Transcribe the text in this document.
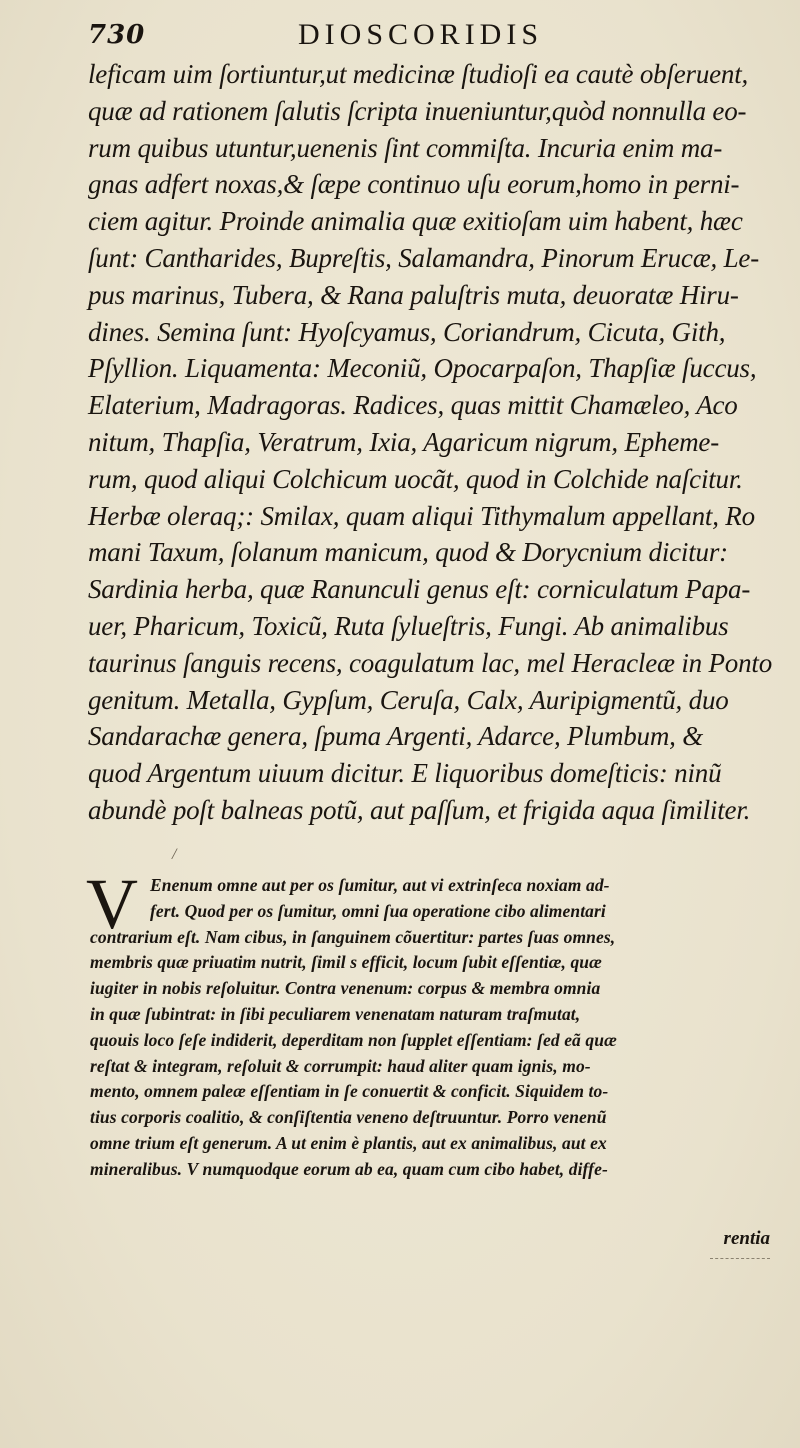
730	DIOSCORIDIS
leficam uim ſortiuntur,ut medicinæ ſtudioſi ea cautè obſeruent,
quæ ad rationem ſalutis ſcripta inueniuntur,quòd nonnulla eo-
rum quibus utuntur,uenenis ſint commiſta. Incuria enim ma-
gnas adfert noxas,& ſæpe continuo uſu eorum,homo in perni-
ciem agitur. Proinde animalia quæ exitioſam uim habent, hæc
ſunt: Cantharides, Bupreſtis, Salamandra, Pinorum Erucæ, Le-
pus marinus, Tubera, & Rana paluſtris muta, deuoratæ Hiru-
dines. Semina ſunt: Hyoſcyamus, Coriandrum, Cicuta, Gith,
Pſyllion. Liquamenta: Meconiũ, Opocarpaſon, Thapſiæ ſuccus,
Elaterium, Madragoras. Radices, quas mittit Chamæleo, Aco
nitum, Thapſia, Veratrum, Ixia, Agaricum nigrum, Epheme-
rum, quod aliqui Colchicum uocãt, quod in Colchide naſcitur.
Herbæ oleraq;: Smilax, quam aliqui Tithymalum appellant, Ro
mani Taxum, ſolanum manicum, quod & Dorycnium dicitur:
Sardinia herba, quæ Ranunculi genus eſt: corniculatum Papa-
uer, Pharicum, Toxicũ, Ruta ſylueſtris, Fungi. Ab animalibus
taurinus ſanguis recens, coagulatum lac, mel Heracleæ in Ponto
genitum. Metalla, Gypſum, Ceruſa, Calx, Auripigmentũ, duo
Sandarachæ genera, ſpuma Argenti, Adarce, Plumbum, &
quod Argentum uiuum dicitur. E liquoribus domeſticis: ninũ
abundè poſt balneas potũ, aut paſſum, et frigida aqua ſimiliter.
/
V Enenum omne aut per os ſumitur, aut vi extrinſeca noxiam ad-
fert. Quod per os ſumitur, omni ſua operatione cibo alimentari
contrarium eſt. Nam cibus, in ſanguinem cõuertitur: partes ſuas omnes,
membris quæ priuatim nutrit, ſimil s efficit, locum ſubit eſſentiæ, quæ
iugiter in nobis reſoluitur. Contra venenum: corpus & membra omnia
in quæ ſubintrat: in ſibi peculiarem venenatam naturam traſmutat,
quouis loco ſeſe indiderit, deperditam non ſupplet eſſentiam: ſed eã quæ
reſtat & integram, reſoluit & corrumpit: haud aliter quam ignis, mo-
mento, omnem paleæ eſſentiam in ſe conuertit & conficit. Siquidem to-
tius corporis coalitio, & conſiſtentia veneno deſtruuntur. Porro venenũ
omne trium eſt generum. A ut enim è plantis, aut ex animalibus, aut ex
mineralibus. V numquodque eorum ab ea, quam cum cibo habet, diffe-
rentia
